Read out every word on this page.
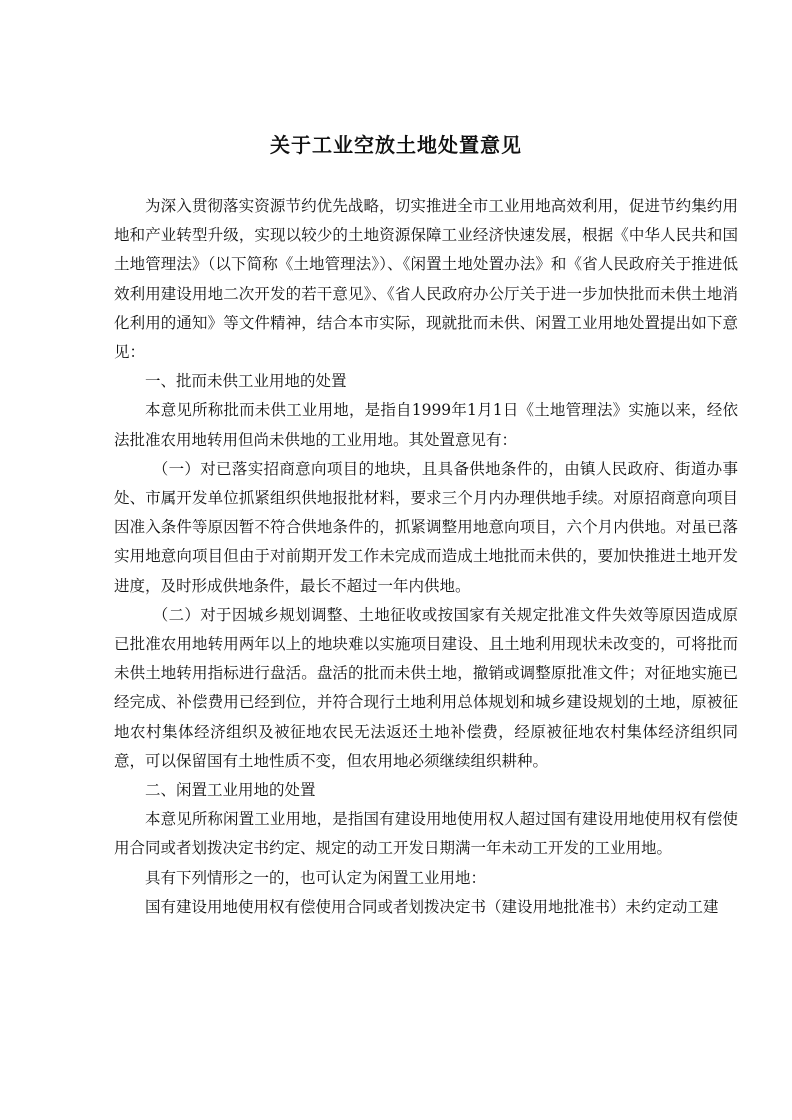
关于工业空放土地处置意见

为深入贯彻落实资源节约优先战略，切实推进全市工业用地高效利用，促进节约集约用地和产业转型升级，实现以较少的土地资源保障工业经济快速发展，根据《中华人民共和国土地管理法》（以下简称《土地管理法》）、《闲置土地处置办法》和《省人民政府关于推进低效利用建设用地二次开发的若干意见》、《省人民政府办公厅关于进一步加快批而未供土地消化利用的通知》等文件精神，结合本市实际，现就批而未供、闲置工业用地处置提出如下意见：

一、批而未供工业用地的处置

本意见所称批而未供工业用地，是指自1999年1月1日《土地管理法》实施以来，经依法批准农用地转用但尚未供地的工业用地。其处置意见有：

（一）对已落实招商意向项目的地块，且具备供地条件的，由镇人民政府、街道办事处、市属开发单位抓紧组织供地报批材料，要求三个月内办理供地手续。对原招商意向项目因准入条件等原因暂不符合供地条件的，抓紧调整用地意向项目，六个月内供地。对虽已落实用地意向项目但由于对前期开发工作未完成而造成土地批而未供的，要加快推进土地开发进度，及时形成供地条件，最长不超过一年内供地。

（二）对于因城乡规划调整、土地征收或按国家有关规定批准文件失效等原因造成原已批准农用地转用两年以上的地块难以实施项目建设、且土地利用现状未改变的，可将批而未供土地转用指标进行盘活。盘活的批而未供土地，撤销或调整原批准文件；对征地实施已经完成、补偿费用已经到位，并符合现行土地利用总体规划和城乡建设规划的土地，原被征地农村集体经济组织及被征地农民无法返还土地补偿费，经原被征地农村集体经济组织同意，可以保留国有土地性质不变，但农用地必须继续组织耕种。

二、闲置工业用地的处置

本意见所称闲置工业用地，是指国有建设用地使用权人超过国有建设用地使用权有偿使用合同或者划拨决定书约定、规定的动工开发日期满一年未动工开发的工业用地。

具有下列情形之一的，也可认定为闲置工业用地：

国有建设用地使用权有偿使用合同或者划拨决定书（建设用地批准书）未约定动工建
